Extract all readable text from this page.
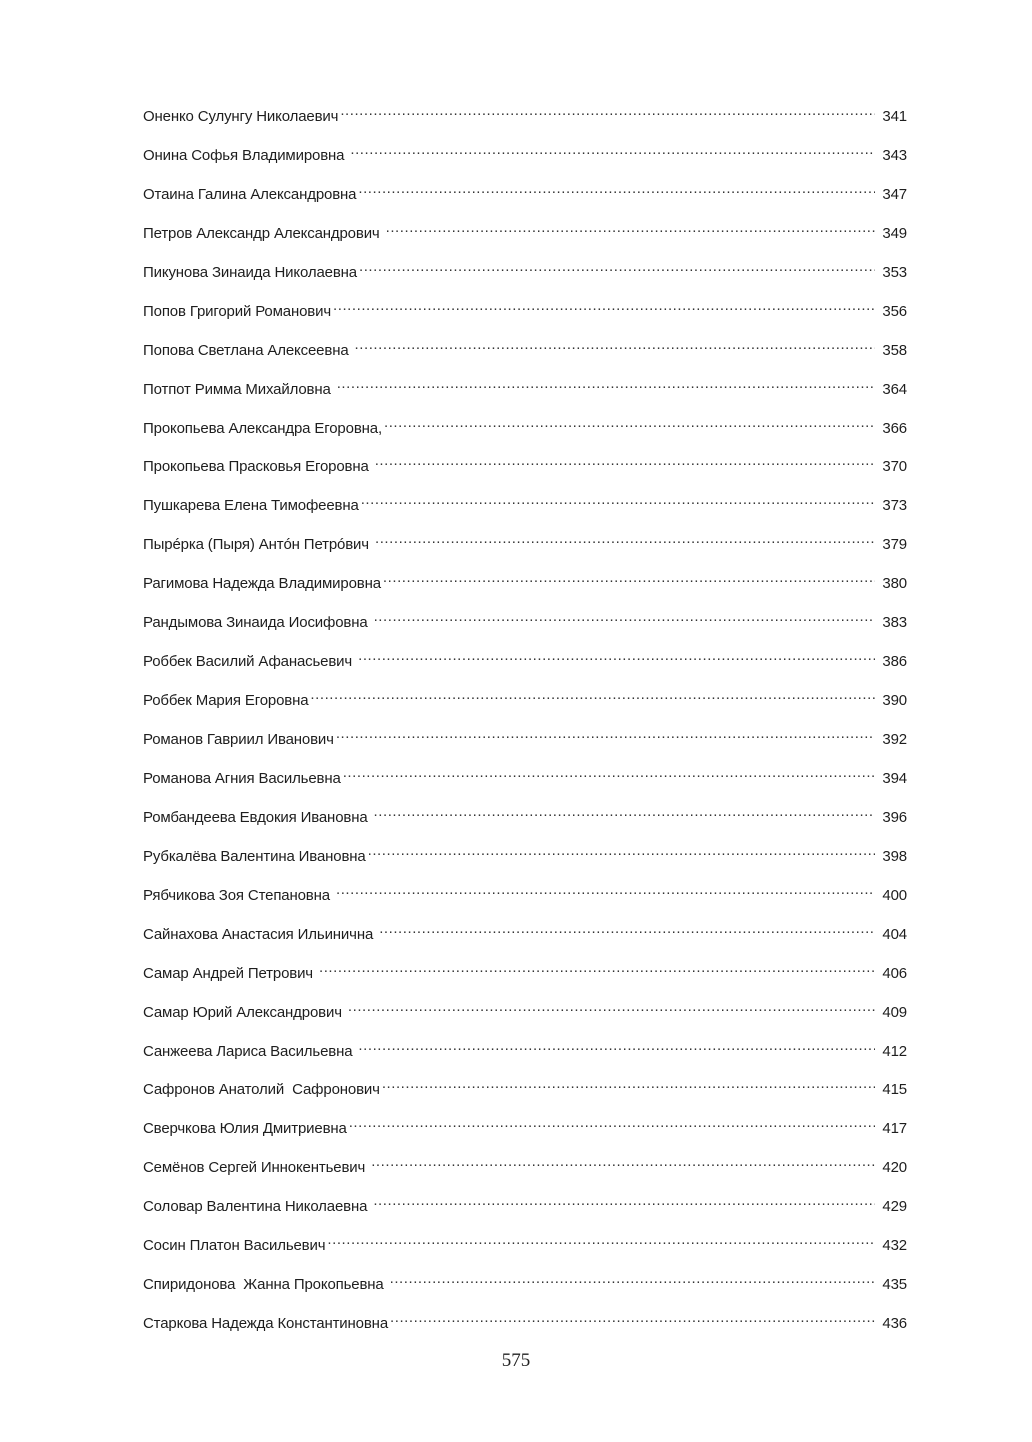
Оненко Сулунгу Николаевич .....	341
Онина Софья Владимировна .....	343
Отаина Галина Александровна .....	347
Петров Александр Александрович .....	349
Пикунова Зинаида Николаевна .....	353
Попов Григорий Романович .....	356
Попова Светлана Алексеевна .....	358
Потпот Римма Михайловна .....	364
Прокопьева Александра Егоровна, .....	366
Прокопьева Прасковья Егоровна .....	370
Пушкарева Елена Тимофеевна .....	373
Пырéрка (Пыря) Антóн Петрóвич .....	379
Рагимова Надежда Владимировна .....	380
Рандымова Зинаида Иосифовна .....	383
Роббек Василий Афанасьевич .....	386
Роббек Мария Егоровна .....	390
Романов Гавриил Иванович .....	392
Романова Агния Васильевна .....	394
Ромбандеева Евдокия Ивановна .....	396
Рубкалёва Валентина Ивановна .....	398
Рябчикова Зоя Степановна .....	400
Сайнахова Анастасия Ильинична .....	404
Самар Андрей Петрович .....	406
Самар Юрий Александрович .....	409
Санжеева Лариса Васильевна .....	412
Сафронов Анатолий  Сафронович .....	415
Сверчкова Юлия Дмитриевна .....	417
Семёнов Сергей Иннокентьевич .....	420
Соловар Валентина Николаевна .....	429
Сосин Платон Васильевич .....	432
Спиридонова  Жанна Прокопьевна .....	435
Старкова Надежда Константиновна .....	436
575
